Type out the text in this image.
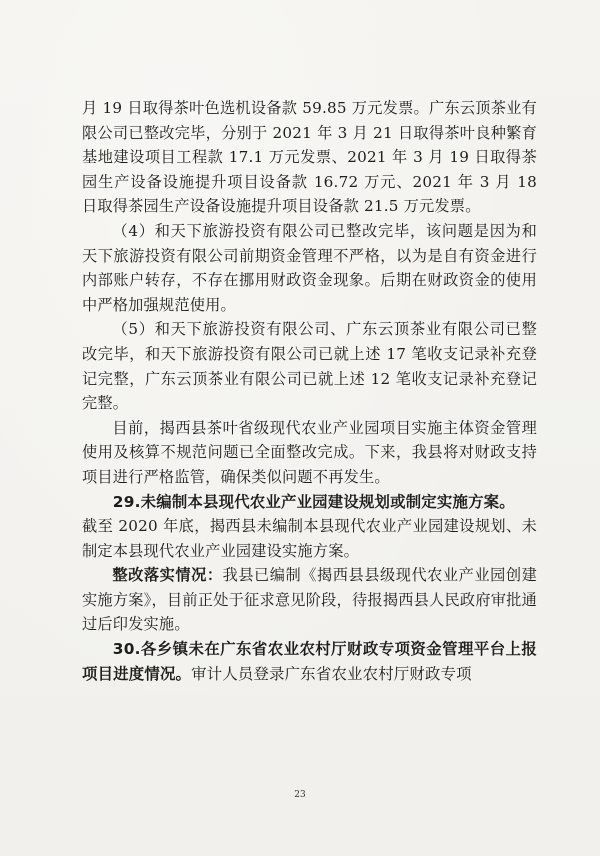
月 19 日取得茶叶色选机设备款 59.85 万元发票。广东云顶茶业有限公司已整改完毕，分别于 2021 年 3 月 21 日取得茶叶良种繁育基地建设项目工程款 17.1 万元发票、2021 年 3 月 19 日取得茶园生产设备设施提升项目设备款 16.72 万元、2021 年 3 月 18 日取得茶园生产设备设施提升项目设备款 21.5 万元发票。

（4）和天下旅游投资有限公司已整改完毕，该问题是因为和天下旅游投资有限公司前期资金管理不严格，以为是自有资金进行内部账户转存，不存在挪用财政资金现象。后期在财政资金的使用中严格加强规范使用。

（5）和天下旅游投资有限公司、广东云顶茶业有限公司已整改完毕，和天下旅游投资有限公司已就上述 17 笔收支记录补充登记完整，广东云顶茶业有限公司已就上述 12 笔收支记录补充登记完整。

目前，揭西县茶叶省级现代农业产业园项目实施主体资金管理使用及核算不规范问题已全面整改完成。下来，我县将对财政支持项目进行严格监管，确保类似问题不再发生。

29.未编制本县现代农业产业园建设规划或制定实施方案。

截至 2020 年底，揭西县未编制本县现代农业产业园建设规划、未制定本县现代农业产业园建设实施方案。

整改落实情况：我县已编制《揭西县县级现代农业产业园创建实施方案》，目前正处于征求意见阶段，待报揭西县人民政府审批通过后印发实施。

30.各乡镇未在广东省农业农村厅财政专项资金管理平台上报项目进度情况。审计人员登录广东省农业农村厅财政专项

23
